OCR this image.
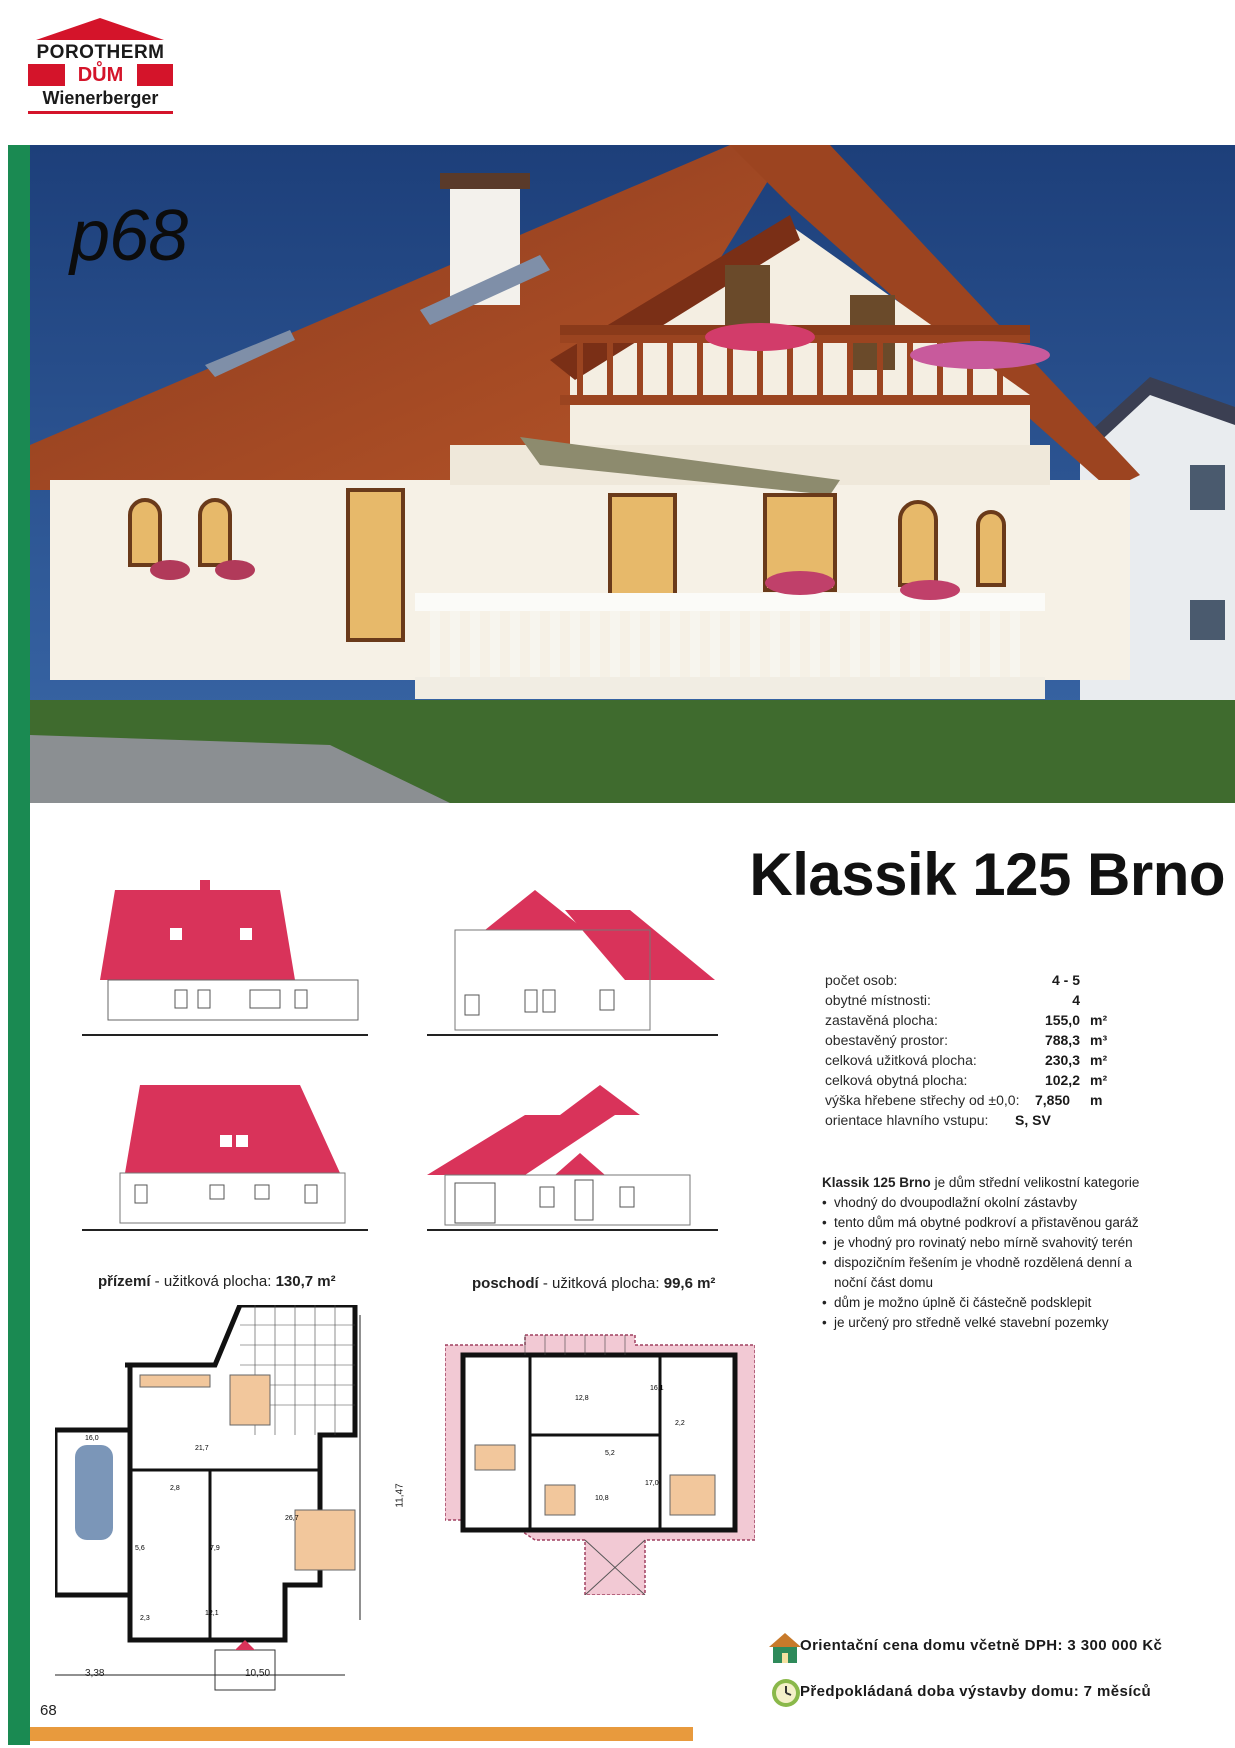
POROTHERM
DŮM
Wienerberger
p68
Klassik 125 Brno
počet osob:	4 - 5
obytné místnosti:	4
zastavěná plocha:	155,0 m²
obestavěný prostor:	788,3 m³
celková užitková plocha:	230,3 m²
celková obytná plocha:	102,2 m²
výška hřebene střechy od ±0,0:	7,850	m
orientace hlavního vstupu:	S, SV
Klassik 125 Brno je dům střední velikostní kategorie
• vhodný do dvoupodlažní okolní zástavby
• tento dům má obytné podkroví a přistavěnou garáž
• je vhodný pro rovinatý nebo mírně svahovitý terén
• dispozičním řešením je vhodně rozdělená denní a noční část domu
• dům je možno úplně či částečně podsklepit
• je určený pro středně velké stavební pozemky
přízemí - užitková plocha: 130,7 m²	poschodí - užitková plocha: 99,6 m²
16,0
21,7
2,8
7,9
26,7
5,6
2,3
12,1
3,38	10,50
11,47
12,8
16,1
2,2
5,2
10,8
17,0
Orientační cena domu včetně DPH: 3 300 000 Kč
Předpokládaná doba výstavby domu: 7 měsíců
68
